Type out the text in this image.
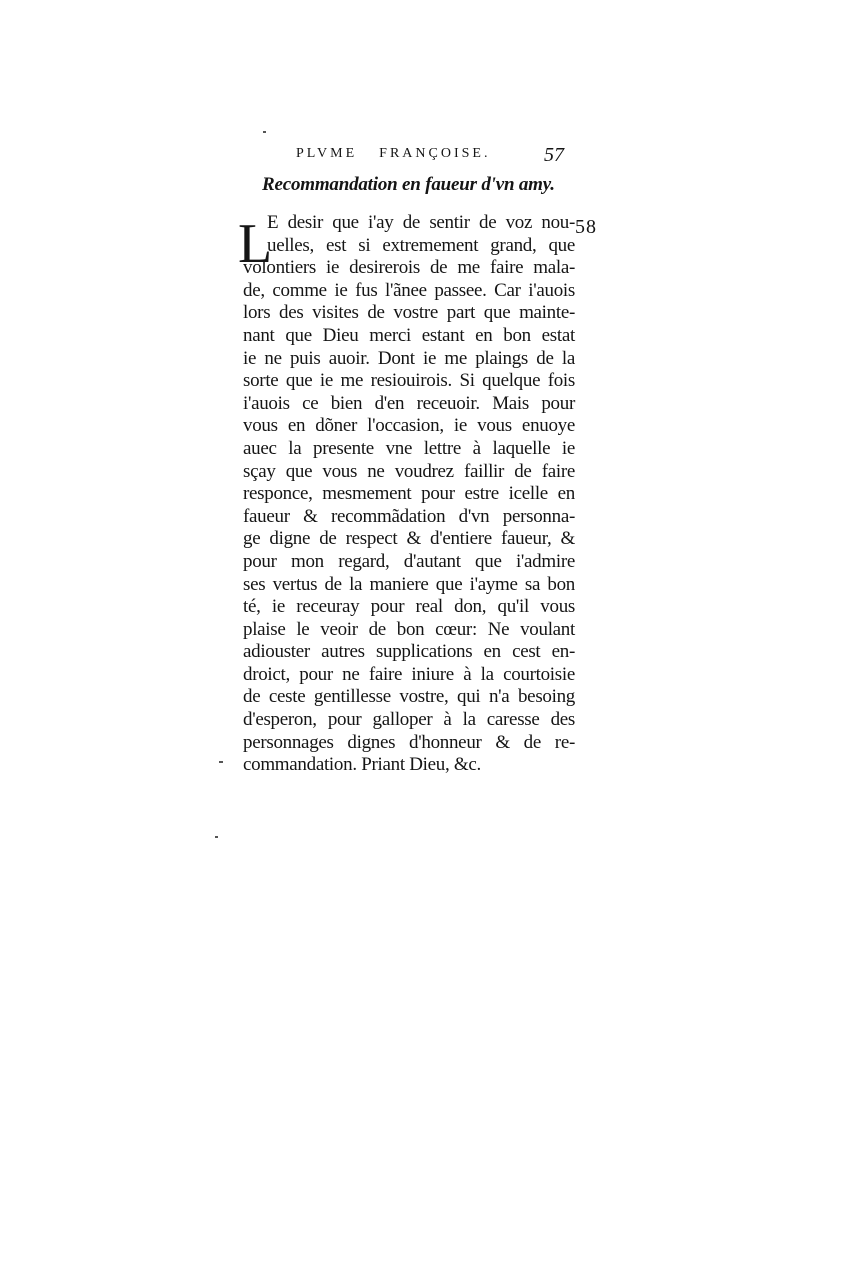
PLVME FRANÇOISE.	57
Recommandation en faueur d'vn amy.
58
L
E desir que i'ay de sentir de voz nou-
uelles, est si extremement grand, que
volontiers ie desirerois de me faire mala-
de, comme ie fus l'ãnee passee. Car i'auois
lors des visites de vostre part que mainte-
nant que Dieu merci estant en bon estat
ie ne puis auoir. Dont ie me plaings de la
sorte que ie me resiouirois. Si quelque fois
i'auois ce bien d'en receuoir. Mais pour
vous en dõner l'occasion, ie vous enuoye
auec la presente vne lettre à laquelle ie
sçay que vous ne voudrez faillir de faire
responce, mesmement pour estre icelle en
faueur & recommãdation d'vn personna-
ge digne de respect & d'entiere faueur, &
pour mon regard, d'autant que i'admire
ses vertus de la maniere que i'ayme sa bon
té, ie receuray pour real don, qu'il vous
plaise le veoir de bon cœur: Ne voulant
adiouster autres supplications en cest en-
droict, pour ne faire iniure à la courtoisie
de ceste gentillesse vostre, qui n'a besoing
d'esperon, pour galloper à la caresse des
personnages dignes d'honneur & de re-
commandation. Priant Dieu, &c.
